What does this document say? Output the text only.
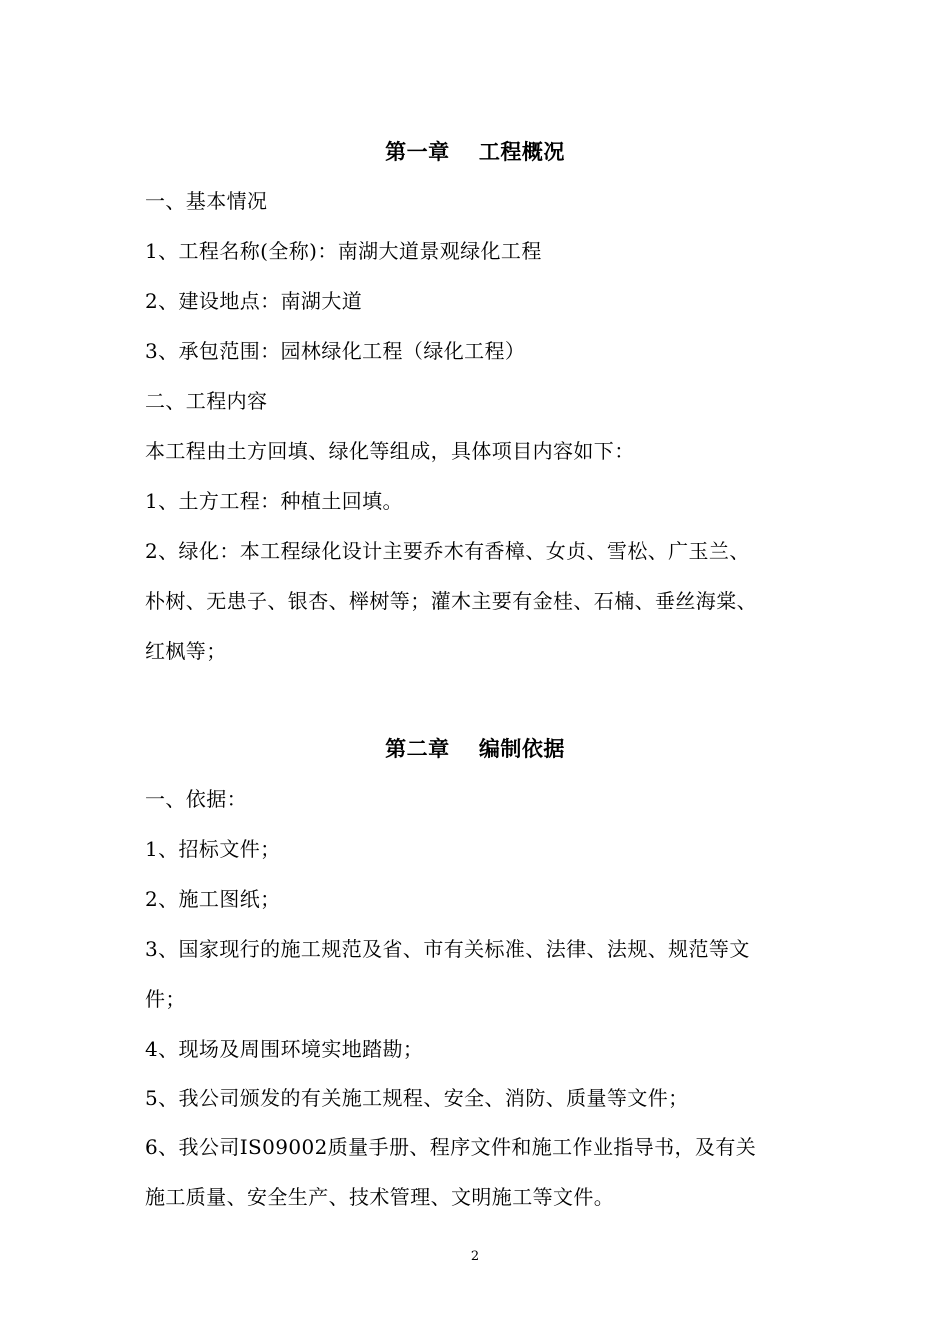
第一章　 工程概况
一、基本情况
1、工程名称(全称)：南湖大道景观绿化工程
2、建设地点：南湖大道
3、承包范围：园林绿化工程（绿化工程）
二、工程内容
本工程由土方回填、绿化等组成，具体项目内容如下：
1、土方工程：种植土回填。
2、绿化：本工程绿化设计主要乔木有香樟、女贞、雪松、广玉兰、
朴树、无患子、银杏、榉树等；灌木主要有金桂、石楠、垂丝海棠、
红枫等；
第二章　 编制依据
一、依据：
1、招标文件；
2、施工图纸；
3、国家现行的施工规范及省、市有关标准、法律、法规、规范等文
件；
4、现场及周围环境实地踏勘；
5、我公司颁发的有关施工规程、安全、消防、质量等文件；
6、我公司IS09002质量手册、程序文件和施工作业指导书，及有关
施工质量、安全生产、技术管理、文明施工等文件。
2
